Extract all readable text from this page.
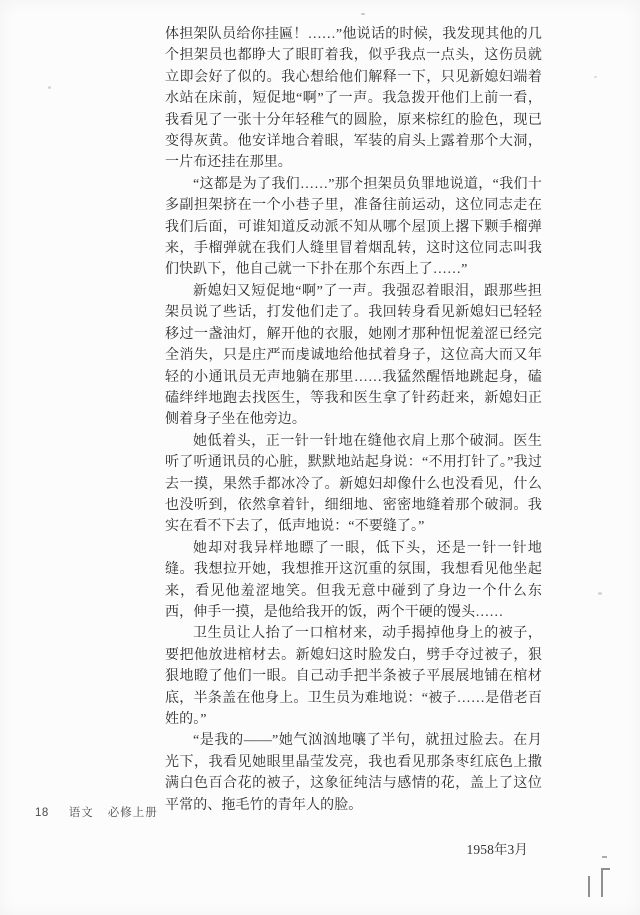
体担架队员给你挂匾！……”他说话的时候，我发现其他的几个担架员也都睁大了眼盯着我，似乎我点一点头，这伤员就立即会好了似的。我心想给他们解释一下，只见新媳妇端着水站在床前，短促地“啊”了一声。我急拨开他们上前一看，我看见了一张十分年轻稚气的圆脸，原来棕红的脸色，现已变得灰黄。他安详地合着眼，军装的肩头上露着那个大洞，一片布还挂在那里。

“这都是为了我们……”那个担架员负罪地说道，“我们十多副担架挤在一个小巷子里，准备往前运动，这位同志走在我们后面，可谁知道反动派不知从哪个屋顶上撂下颗手榴弹来，手榴弹就在我们人缝里冒着烟乱转，这时这位同志叫我们快趴下，他自己就一下扑在那个东西上了……”

新媳妇又短促地“啊”了一声。我强忍着眼泪，跟那些担架员说了些话，打发他们走了。我回转身看见新媳妇已轻轻移过一盏油灯，解开他的衣服，她刚才那种忸怩羞涩已经完全消失，只是庄严而虔诚地给他拭着身子，这位高大而又年轻的小通讯员无声地躺在那里……我猛然醒悟地跳起身，磕磕绊绊地跑去找医生，等我和医生拿了针药赶来，新媳妇正侧着身子坐在他旁边。

她低着头，正一针一针地在缝他衣肩上那个破洞。医生听了听通讯员的心脏，默默地站起身说：“不用打针了。”我过去一摸，果然手都冰冷了。新媳妇却像什么也没看见，什么也没听到，依然拿着针，细细地、密密地缝着那个破洞。我实在看不下去了，低声地说：“不要缝了。”

她却对我异样地瞟了一眼，低下头，还是一针一针地缝。我想拉开她，我想推开这沉重的氛围，我想看见他坐起来，看见他羞涩地笑。但我无意中碰到了身边一个什么东西，伸手一摸，是他给我开的饭，两个干硬的馒头……

卫生员让人抬了一口棺材来，动手揭掉他身上的被子，要把他放进棺材去。新媳妇这时脸发白，劈手夺过被子，狠狠地瞪了他们一眼。自己动手把半条被子平展展地铺在棺材底，半条盖在他身上。卫生员为难地说：“被子……是借老百姓的。”

“是我的——”她气汹汹地嚷了半句，就扭过脸去。在月光下，我看见她眼里晶莹发亮，我也看见那条枣红底色上撒满白色百合花的被子，这象征纯洁与感情的花，盖上了这位平常的、拖毛竹的青年人的脸。

1958年3月

18 语文 必修上册
